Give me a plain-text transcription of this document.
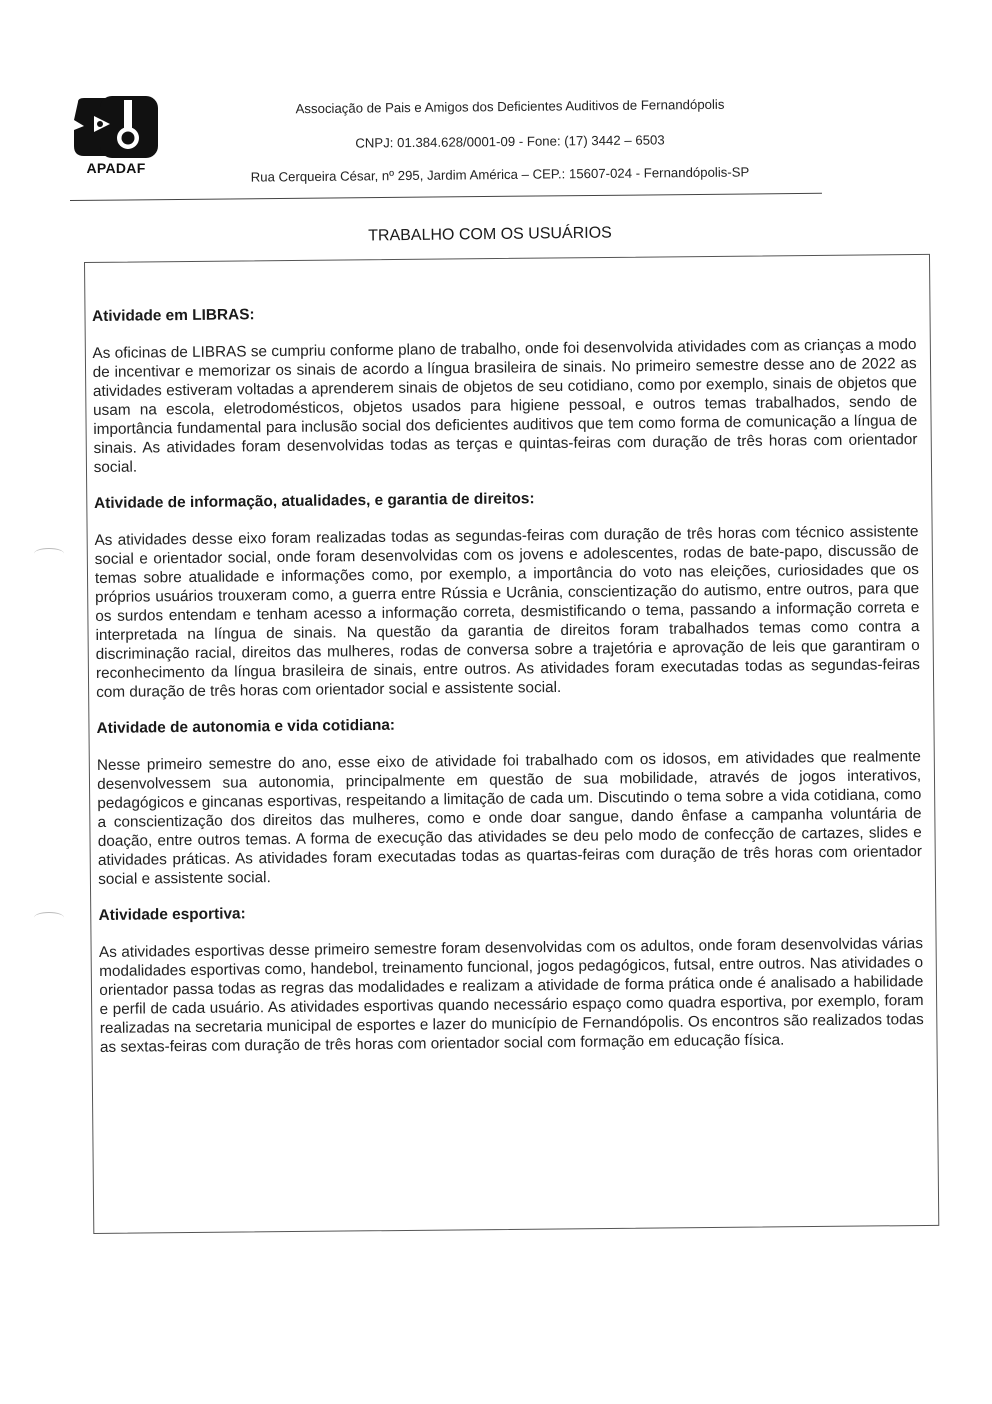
APADAF
Associação de Pais e Amigos dos Deficientes Auditivos de Fernandópolis
CNPJ: 01.384.628/0001-09 - Fone: (17) 3442 – 6503
Rua Cerqueira César, nº 295, Jardim América – CEP.: 15607-024 - Fernandópolis-SP
TRABALHO COM OS USUÁRIOS
Atividade em LIBRAS:
As oficinas de LIBRAS se cumpriu conforme plano de trabalho, onde foi desenvolvida atividades com as crianças a modo de incentivar e memorizar os sinais de acordo a língua brasileira de sinais. No primeiro semestre desse ano de 2022 as atividades estiveram voltadas a aprenderem sinais de objetos de seu cotidiano, como por exemplo, sinais de objetos que usam na escola, eletrodomésticos, objetos usados para higiene pessoal, e outros temas trabalhados, sendo de importância fundamental para inclusão social dos deficientes auditivos que tem como forma de comunicação a língua de sinais. As atividades foram desenvolvidas todas as terças e quintas-feiras com duração de três horas com orientador social.
Atividade de informação, atualidades, e garantia de direitos:
As atividades desse eixo foram realizadas todas as segundas-feiras com duração de três horas com técnico assistente social e orientador social, onde foram desenvolvidas com os jovens e adolescentes, rodas de bate-papo, discussão de temas sobre atualidade e informações como, por exemplo, a importância do voto nas eleições, curiosidades que os próprios usuários trouxeram como, a guerra entre Rússia e Ucrânia, conscientização do autismo, entre outros, para que os surdos entendam e tenham acesso a informação correta, desmistificando o tema, passando a informação correta e interpretada na língua de sinais. Na questão da garantia de direitos foram trabalhados temas como contra a discriminação racial, direitos das mulheres, rodas de conversa sobre a trajetória e aprovação de leis que garantiram o reconhecimento da língua brasileira de sinais, entre outros. As atividades foram executadas todas as segundas-feiras com duração de três horas com orientador social e assistente social.
Atividade de autonomia e vida cotidiana:
Nesse primeiro semestre do ano, esse eixo de atividade foi trabalhado com os idosos, em atividades que realmente desenvolvessem sua autonomia, principalmente em questão de sua mobilidade, através de jogos interativos, pedagógicos e gincanas esportivas, respeitando a limitação de cada um. Discutindo o tema sobre a vida cotidiana, como a conscientização dos direitos das mulheres, como e onde doar sangue, dando ênfase a campanha voluntária de doação, entre outros temas. A forma de execução das atividades se deu pelo modo de confecção de cartazes, slides e atividades práticas. As atividades foram executadas todas as quartas-feiras com duração de três horas com orientador social e assistente social.
Atividade esportiva:
As atividades esportivas desse primeiro semestre foram desenvolvidas com os adultos, onde foram desenvolvidas várias modalidades esportivas como, handebol, treinamento funcional, jogos pedagógicos, futsal, entre outros. Nas atividades o orientador passa todas as regras das modalidades e realizam a atividade de forma prática onde é analisado a habilidade e perfil de cada usuário. As atividades esportivas quando necessário espaço como quadra esportiva, por exemplo, foram realizadas na secretaria municipal de esportes e lazer do município de Fernandópolis. Os encontros são realizados todas as sextas-feiras com duração de três horas com orientador social com formação em educação física.
